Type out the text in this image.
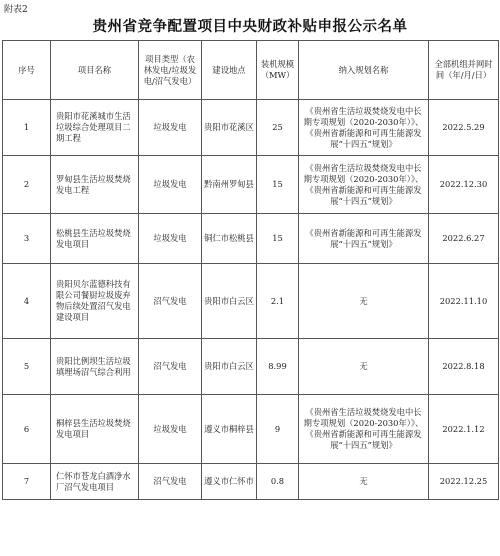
附表2
贵州省竞争配置项目中央财政补贴申报公示名单
序号	项目名称	项目类型（农林发电/垃圾发电/沼气发电）	建设地点	装机规模（MW）	纳入规划名称	全部机组并网时间（年/月/日）
1	贵阳市花溪城市生活垃圾综合处理项目二期工程	垃圾发电	贵阳市花溪区	25	《贵州省生活垃圾焚烧发电中长期专项规划（2020-2030年）》、《贵州省新能源和可再生能源发展“十四五”规划》	2022.5.29
2	罗甸县生活垃圾焚烧发电工程	垃圾发电	黔南州罗甸县	15	《贵州省生活垃圾焚烧发电中长期专项规划（2020-2030年）》、《贵州省新能源和可再生能源发展“十四五”规划》	2022.12.30
3	松桃县生活垃圾焚烧发电项目	垃圾发电	铜仁市松桃县	15	《贵州省新能源和可再生能源发展“十四五”规划》	2022.6.27
4	贵阳贝尔蓝德科技有限公司餐厨垃圾废弃物后续处置沼气发电建设项目	沼气发电	贵阳市白云区	2.1	无	2022.11.10
5	贵阳比例坝生活垃圾填埋场沼气综合利用	沼气发电	贵阳市白云区	8.99	无	2022.8.18
6	桐梓县生活垃圾焚烧发电项目	垃圾发电	遵义市桐梓县	9	《贵州省生活垃圾焚烧发电中长期专项规划（2020-2030年）》、《贵州省新能源和可再生能源发展“十四五”规划》	2022.1.12
7	仁怀市苍龙白酒净水厂沼气发电项目	沼气发电	遵义市仁怀市	0.8	无	2022.12.25
